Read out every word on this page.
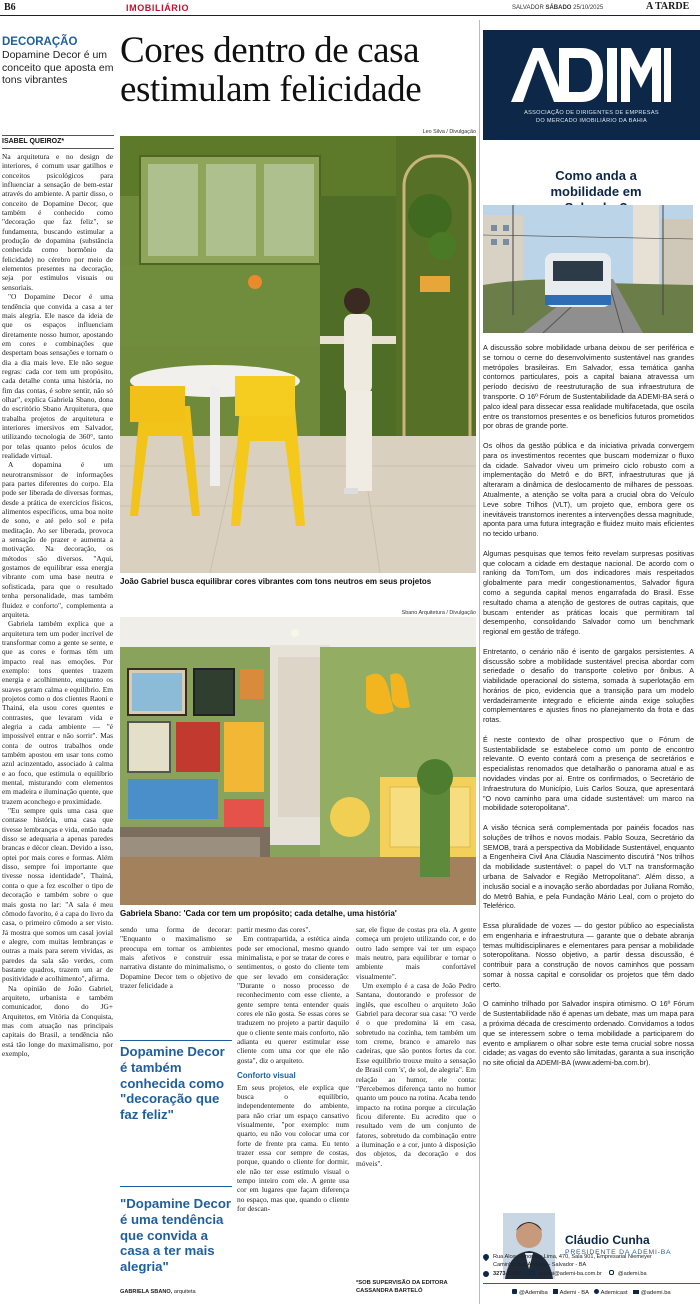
B6	IMOBILIÁRIO	SALVADOR SÁBADO 25/10/2025	A TARDE
DECORAÇÃO
Dopamine Decor é um conceito que aposta em tons vibrantes
Cores dentro de casa estimulam felicidade
ISABEL QUEIROZ*
Leo Silva / Divulgação
João Gabriel busca equilibrar cores vibrantes com tons neutros em seus projetos
Sbano Arquitetura / Divulgação
Gabriela Sbano: 'Cada cor tem um propósito; cada detalhe, uma história'

Na arquitetura e no design de interiores, é comum usar gatilhos e conceitos psicológicos para influenciar a sensação de bem-estar através do ambiente. A partir disso, o conceito de Dopamine Decor, que também é conhecido como "decoração que faz feliz", se fundamenta, buscando estimular a produção de dopamina (substância conhecida como hormônio da felicidade) no cérebro por meio de elementos presentes na decoração, seja por estímulos visuais ou sensoriais.

"O Dopamine Decor é uma tendência que convida a casa a ter mais alegria. Ele nasce da ideia de que os espaços influenciam diretamente nosso humor, apostando em cores e combinações que despertam boas sensações e tornam o dia a dia mais leve. Ele não segue regras: cada cor tem um propósito, cada detalhe conta uma história, no fim das contas, é sobre sentir, não só olhar", explica Gabriela Sbano, dona do escritório Sbano Arquitetura, que trabalha projetos de arquitetura e interiores imersivos em Salvador, utilizando tecnologia de 360°, tanto por telas quanto pelos óculos de realidade virtual.

A dopamina é um neurotransmissor de informações para partes diferentes do corpo. Ela pode ser liberada de diversas formas, desde a prática de exercícios físicos, alimentos específicos, uma boa noite de sono, e até pelo sol e pela meditação. Ao ser liberada, provoca a sensação de prazer e aumenta a motivação. Na decoração, os métodos são diversos. "Aqui, gostamos de equilibrar essa energia vibrante com uma base neutra e sofisticada, para que o resultado tenha personalidade, mas também fluidez e conforto", complementa a arquiteta.

Gabriela também explica que a arquitetura tem um poder incrível de transformar como a gente se sente, e que as cores e formas têm um impacto real nas emoções. Por exemplo: tons quentes trazem energia e acolhimento, enquanto os suaves geram calma e equilíbrio. Em projetos como o dos clientes Raoni e Thainá, ela usou cores quentes e contrastes, que levaram vida e alegria a cada ambiente — "é impossível entrar e não sorrir". Mas conta de outros trabalhos onde também apostou em usar tons como azul acinzentado, associado à calma e ao foco, que estimula o equilíbrio mental, misturando com elementos em madeira e iluminação quente, que trazem aconchego e proximidade.

"Eu sempre quis uma casa que contasse história, uma casa que tivesse lembranças e vida, então nada disso se adequaria a apenas paredes brancas e décor clean. Devido a isso, optei por mais cores e formas. Além disso, sempre foi importante que tivesse nossa identidade", Thainá, conta o que a fez escolher o tipo de decoração e também sobre o que mais gosta no lar: "A sala é meu cômodo favorito, é a capa do livro da casa, o primeiro cômodo a ser visto. Já mostra que somos um casal jovial e alegre, com muitas lembranças e outras a mais para serem vividas, as paredes da sala são verdes, com bastante quadros, trazem um ar de positividade e acolhimento", afirma.

Na opinião de João Gabriel, arquiteto, urbanista e também comunicador, dono do JG+ Arquitetos, em Vitória da Conquista, mas com atuação nas principais capitais do Brasil, a tendência não está tão longe do maximalismo, por exemplo,

sendo uma forma de decorar: "Enquanto o maximalismo se preocupa em tornar os ambientes mais afetivos e construir essa narrativa distante do minimalismo, o Dopamine Decor tem o objetivo de trazer felicidade a

Dopamine Decor é também conhecida como "decoração que faz feliz"
"Dopamine Decor é uma tendência que convida a casa a ter mais alegria"
GABRIELA SBANO, arquiteta

partir mesmo das cores".

Em contrapartida, a estética ainda pode ser emocional, mesmo quando minimalista, e por se tratar de cores e sentimentos, o gosto do cliente tem que ser levado em consideração: "Durante o nosso processo de reconhecimento com esse cliente, a gente sempre tenta entender quais cores ele não gosta. Se essas cores se traduzem no projeto a partir daquilo que o cliente sente mais conforto, não adianta eu querer estimular esse cliente com uma cor que ele não gosta", diz o arquiteto.

Conforto visual

Em seus projetos, ele explica que busca o equilíbrio, independentemente do ambiente, para não criar um espaço cansativo visualmente, "por exemplo: num quarto, eu não vou colocar uma cor forte de frente pra cama. Eu tento trazer essa cor sempre de costas, porque, quando o cliente for dormir, ele não ter esse estímulo visual o tempo inteiro com ele. A gente usa cor em lugares que façam diferença no espaço, mas que, quando o cliente for descan-

sar, ele fique de costas pra ela. A gente começa um projeto utilizando cor, e do outro lado sempre vai ter um espaço mais neutro, para equilibrar e tornar o ambiente mais confortável visualmente".

Um exemplo é a casa de João Pedro Santana, doutorando e professor de inglês, que escolheu o arquiteto João Gabriel para decorar sua casa: "O verde é o que predomina lá em casa, sobretudo na cozinha, tem também um tom creme, branco e amarelo nas cadeiras, que são pontos fortes da cor. Esse equilíbrio trouxe muito a sensação de Brasil com 's', de sol, de alegria". Em relação ao humor, ele conta: "Percebemos diferença tanto no humor quanto um pouco na rotina. Acaba tendo impacto na rotina porque a circulação ficou diferente. Eu acredito que o resultado vem de um conjunto de fatores, sobretudo da combinação entre a iluminação e a cor, junto à disposição dos objetos, da decoração e dos móveis".

*SOB SUPERVISÃO DA EDITORA CASSANDRA BARTELÓ
ASSOCIAÇÃO DE DIRIGENTES DE EMPRESAS
DO MERCADO IMOBILIÁRIO DA BAHIA
Como anda a mobilidade em

A discussão sobre mobilidade urbana deixou de ser periférica e se tornou o cerne do desenvolvimento sustentável nas grandes metrópoles brasileiras. Em Salvador, essa temática ganha contornos particulares, pois a capital baiana atravessa um período decisivo de reestruturação de sua infraestrutura de transporte. O 16º Fórum de Sustentabilidade da ADEMI-BA será o palco ideal para dissecar essa realidade multifacetada, que oscila entre os transtornos presentes e os benefícios futuros prometidos por obras de grande porte.

Os olhos da gestão pública e da iniciativa privada convergem para os investimentos recentes que buscam modernizar o fluxo da cidade. Salvador viveu um primeiro ciclo robusto com a implementação do Metrô e do BRT, infraestruturas que já alteraram a dinâmica de deslocamento de milhares de pessoas. Atualmente, a atenção se volta para a crucial obra do Veículo Leve sobre Trilhos (VLT), um projeto que, embora gere os inevitáveis transtornos inerentes a intervenções dessa magnitude, aponta para uma futura integração e fluidez muito mais eficientes no tecido urbano.

Algumas pesquisas que temos feito revelam surpresas positivas que colocam a cidade em destaque nacional. De acordo com o ranking da TomTom, um dos indicadores mais respeitados globalmente para medir congestionamentos, Salvador figura como a segunda capital menos engarrafada do Brasil. Esse resultado chama a atenção de gestores de outras capitais, que buscam entender as práticas locais que permitiram tal desempenho, consolidando Salvador como um benchmark regional em gestão de tráfego.

Entretanto, o cenário não é isento de gargalos persistentes. A discussão sobre a mobilidade sustentável precisa abordar com seriedade o desafio do transporte coletivo por ônibus. A viabilidade operacional do sistema, somada à superlotação em horários de pico, evidencia que a transição para um modelo verdadeiramente integrado e eficiente ainda exige soluções complementares e ajustes finos no planejamento da frota e das rotas.

É neste contexto de olhar prospectivo que o Fórum de Sustentabilidade se estabelece como um ponto de encontro relevante. O evento contará com a presença de secretários e especialistas renomados que detalharão o panorama atual e as novidades vindas por aí. Entre os confirmados, o Secretário de Infraestrutura do Município, Luis Carlos Souza, que apresentará "O novo caminho para uma cidade sustentável: um marco na mobilidade soteropolitana".

A visão técnica será complementada por painéis focados nas soluções de trilhos e novos modais. Pablo Souza, Secretário da SEMOB, trará a perspectiva da Mobilidade Sustentável, enquanto a Engenheira Civil Ana Cláudia Nascimento discutirá "Nos trilhos da mobilidade sustentável: o papel do VLT na transformação urbana de Salvador e Região Metropolitana". Além disso, a inclusão social e a inovação serão abordadas por Juliana Romão, do Metrô Bahia, e pela Fundação Mário Leal, com o projeto do Teleférico.

Essa pluralidade de vozes — do gestor público ao especialista em engenharia e infraestrutura — garante que o debate abranja temas multidisciplinares e elementares para pensar a mobilidade soteropolitana. Nosso objetivo, a partir dessa discussão, é contribuir para a construção de novos caminhos que possam somar à nossa capital e consolidar os projetos que têm dado certo.

O caminho trilhado por Salvador inspira otimismo. O 16º Fórum de Sustentabilidade não é apenas um debate, mas um mapa para a próxima década de crescimento ordenado. Convidamos a todos que se interessem sobre o tema mobilidade a participarem do evento e ampliarem o olhar sobre este tema crucial sobre nossa cidade; as vagas do evento são limitadas, garanta a sua inscrição no site oficial da ADEMI-BA (www.ademi-ba.com.br).

Cláudio Cunha
PRESIDENTE DA ADEMI-BA
Rua Alceu Amoroso Lima, 470, Sala 901, Empresarial Niemeyer
Caminho das Árvores - Salvador - BA
3273-8130	ademi@ademi-ba.com.br	@ademi.ba
@Ademiba Ademi - BA Ademicast @ademi.ba
